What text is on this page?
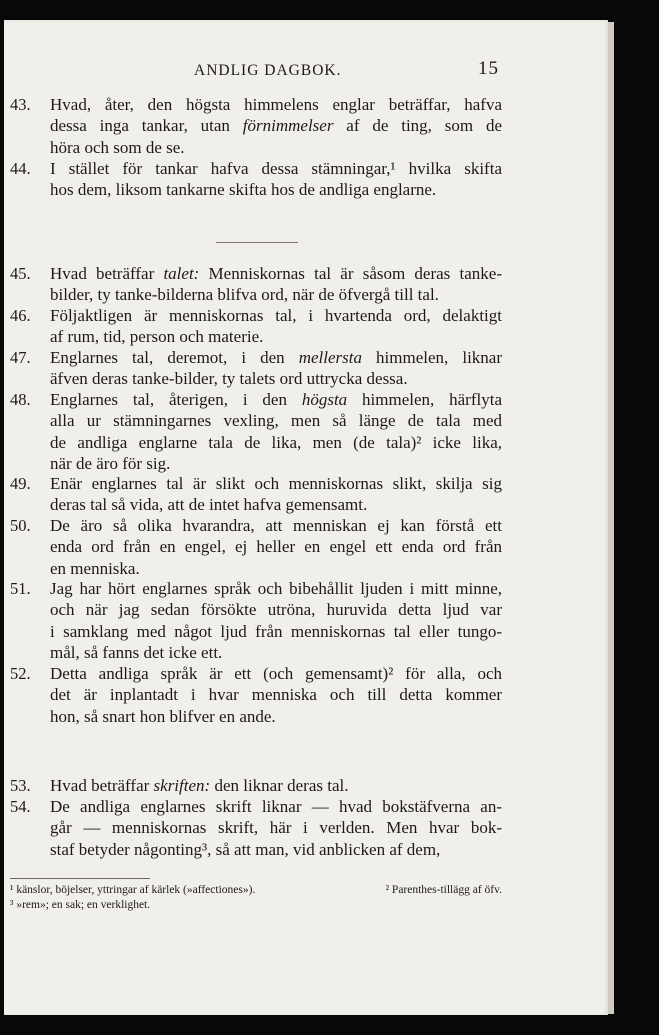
ANDLIG DAGBOK.	15
43.	Hvad, åter, den högsta himmelens englar beträffar, hafva
dessa inga tankar, utan förnimmelser af de ting, som de
höra och som de se.
44.	I stället för tankar hafva dessa stämningar,¹ hvilka skifta
hos dem, liksom tankarne skifta hos de andliga englarne.
45.	Hvad beträffar talet: Menniskornas tal är såsom deras tanke-
bilder, ty tanke-bilderna blifva ord, när de öfvergå till tal.
46.	Följaktligen är menniskornas tal, i hvartenda ord, delaktigt
af rum, tid, person och materie.
47.	Englarnes tal, deremot, i den mellersta himmelen, liknar
äfven deras tanke-bilder, ty talets ord uttrycka dessa.
48.	Englarnes tal, återigen, i den högsta himmelen, härflyta
alla ur stämningarnes vexling, men så länge de tala med
de andliga englarne tala de lika, men (de tala)² icke lika,
när de äro för sig.
49.	Enär englarnes tal är slikt och menniskornas slikt, skilja sig
deras tal så vida, att de intet hafva gemensamt.
50.	De äro så olika hvarandra, att menniskan ej kan förstå ett
enda ord från en engel, ej heller en engel ett enda ord från
en menniska.
51.	Jag har hört englarnes språk och bibehållit ljuden i mitt minne,
och när jag sedan försökte utröna, huruvida detta ljud var
i samklang med något ljud från menniskornas tal eller tungo-
mål, så fanns det icke ett.
52.	Detta andliga språk är ett (och gemensamt)² för alla, och
det är inplantadt i hvar menniska och till detta kommer
hon, så snart hon blifver en ande.
53.	Hvad beträffar skriften: den liknar deras tal.
54.	De andliga englarnes skrift liknar — hvad bokstäfverna an-
går — menniskornas skrift, här i verlden. Men hvar bok-
staf betyder någonting³, så att man, vid anblicken af dem,
¹ känslor, böjelser, yttringar af kärlek (»affectiones»).	² Parenthes-tillägg af öfv.
³ »rem»; en sak; en verklighet.
